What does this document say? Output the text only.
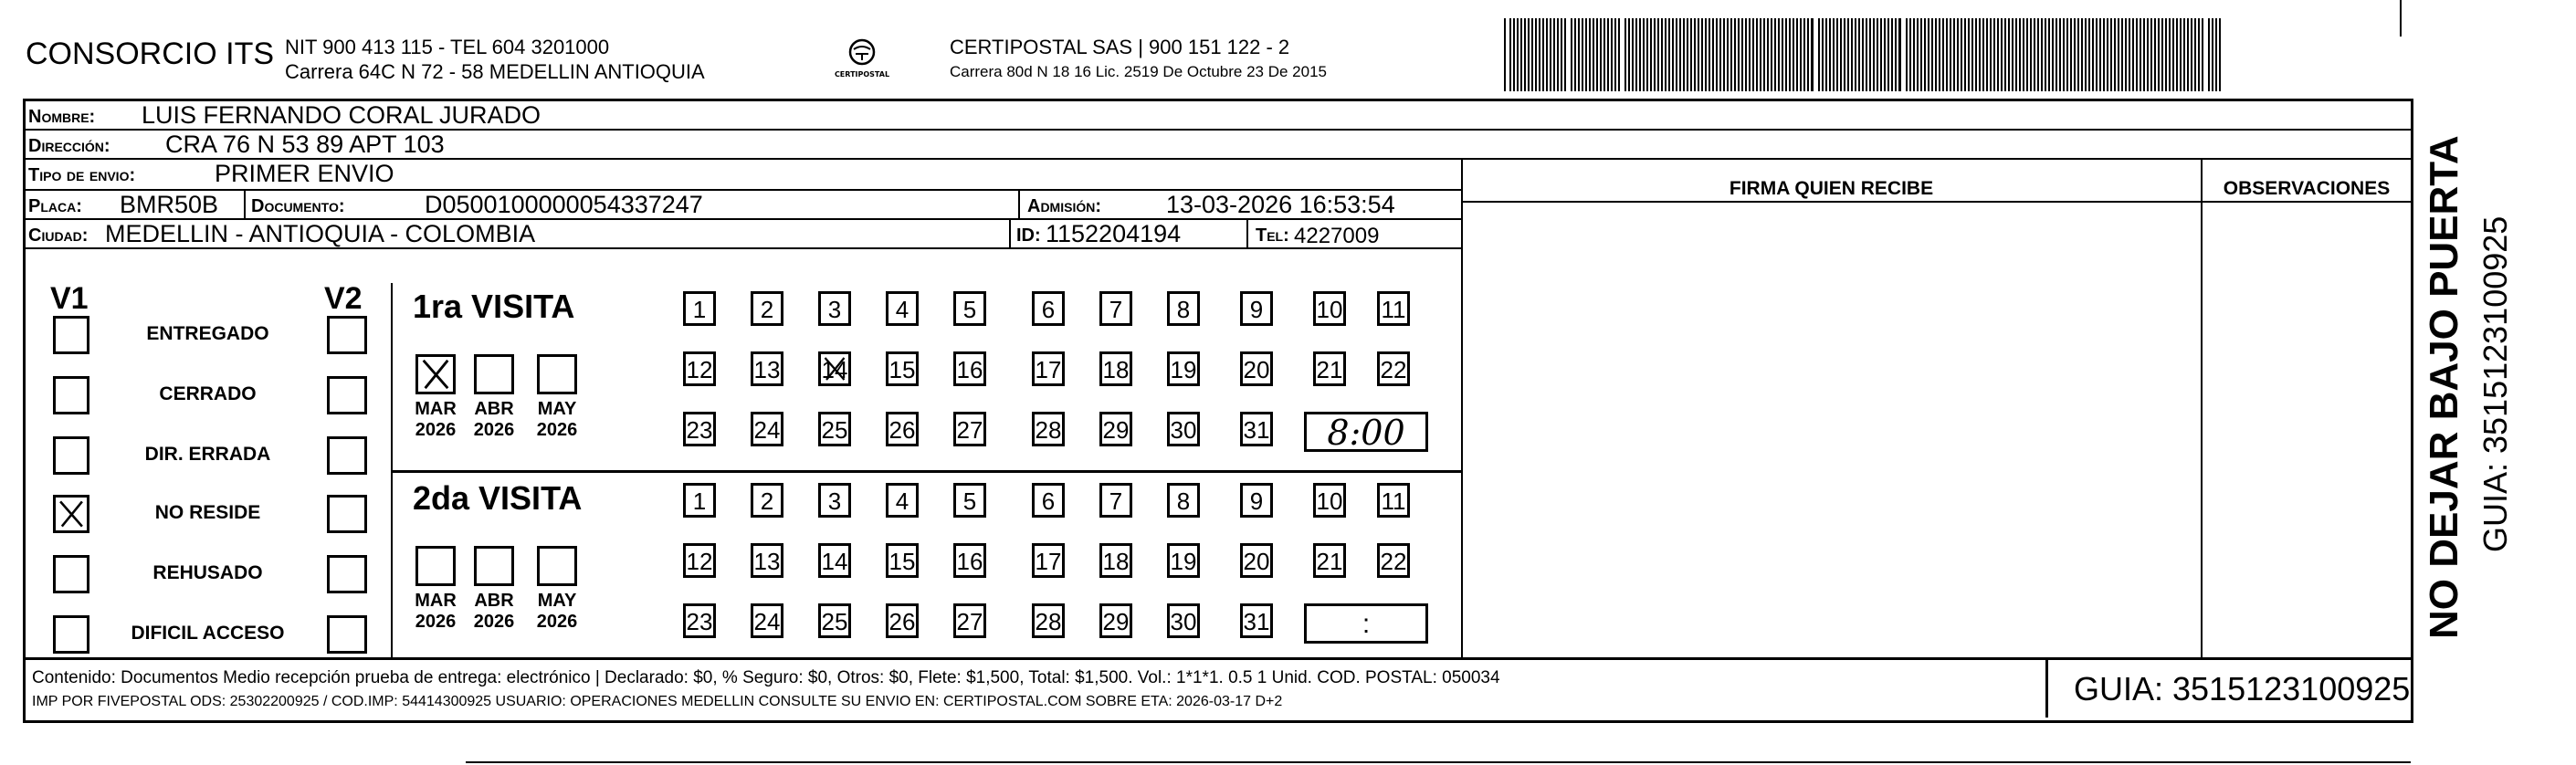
CONSORCIO ITS NIT 900 413 115 - TEL 604 3201000
Carrera 64C N 72 - 58 MEDELLIN ANTIOQUIA	CERTIPOSTAL
CERTIPOSTAL SAS | 900 151 122 - 2
Carrera 80d N 18 16 Lic. 2519 De Octubre 23 De 2015
Nombre: LUIS FERNANDO CORAL JURADO
Dirección: CRA 76 N 53 89 APT 103
Tipo de envio:	PRIMER ENVIO
FIRMA QUIEN RECIBE	OBSERVACIONES
Placa: BMR50B Documento:	D0500100000054337247	Admisión:	13-03-2026 16:53:54
Ciudad: MEDELLIN - ANTIOQUIA - COLOMBIA	ID: 1152204194	Tel: 4227009
V1	V2
ENTREGADO
CERRADO
DIR. ERRADA
NO RESIDE
REHUSADO
DIFICIL ACCESO
1ra VISITA
MAR
2026
ABR
2026
MAY
2026
1	2	3	4	5	6	7	8	9	10 11
12 13 14 15 16 17 18 19 20 21 22
23 24 25 26 27 28 29 30 31	8:00
2da VISITA
MAR
2026
ABR
2026
MAY
2026
1	2	3	4	5	6	7	8	9	10 11
12 13 14 15 16 17 18 19 20 21 22
23 24 25 26 27 28 29 30 31	:	NO DEJAR BAJO PUERTA GUIA: 3515123100925
Contenido: Documentos Medio recepción prueba de entrega: electrónico | Declarado: $0, % Seguro: $0, Otros: $0, Flete: $1,500, Total: $1,500. Vol.: 1*1*1. 0.5 1 Unid. COD. POSTAL: 050034
IMP POR FIVEPOSTAL ODS: 25302200925 / COD.IMP: 54414300925 USUARIO: OPERACIONES MEDELLIN CONSULTE SU ENVIO EN: CERTIPOSTAL.COM SOBRE ETA: 2026-03-17 D+2	GUIA: 3515123100925
